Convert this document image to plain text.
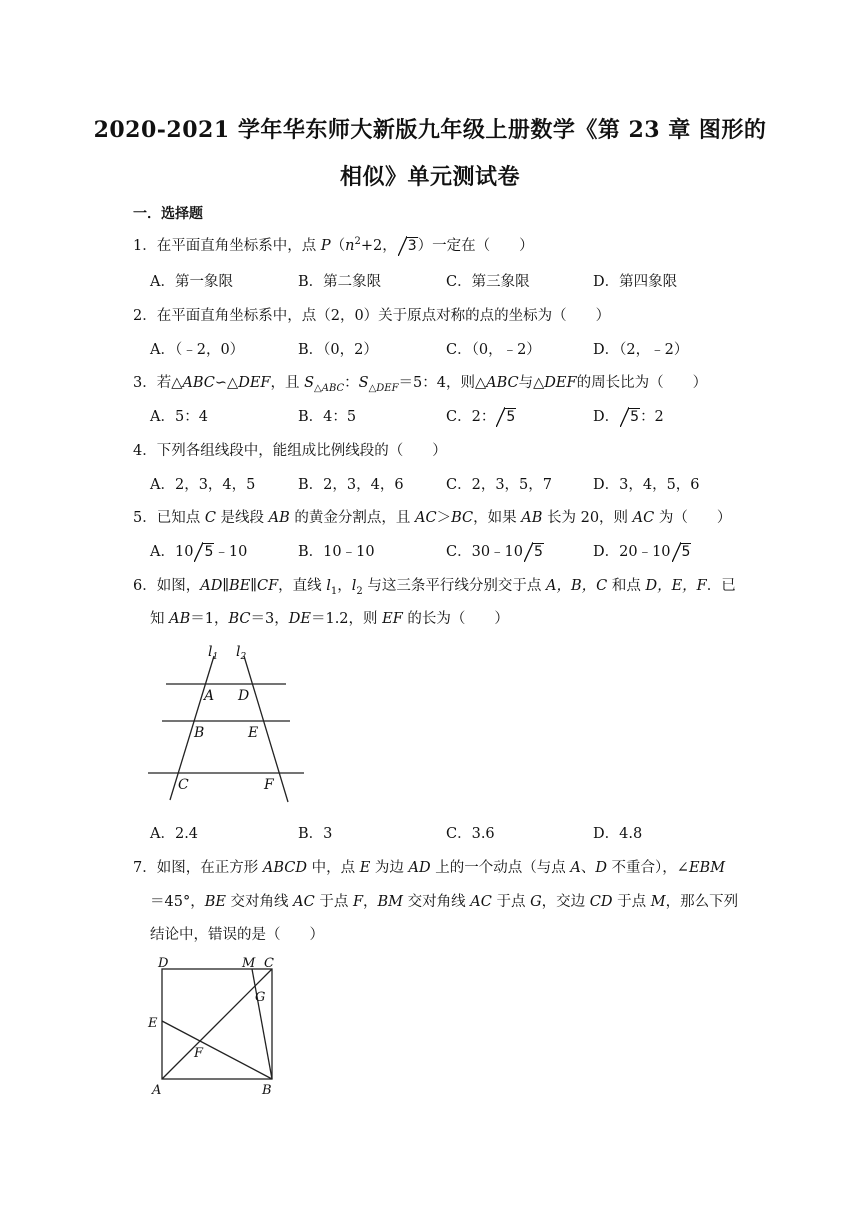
2020-2021 学年华东师大新版九年级上册数学《第 23 章 图形的
相似》单元测试卷
一．选择题
1．在平面直角坐标系中，点 $P(n^2+2$， 3）一定在（　　）
A．第一象限	B．第二象限	C．第三象限	D．第四象限
2．在平面直角坐标系中，点（2，0）关于原点对称的点的坐标为（　　）
A．（﹣2，0）	B．（0，2）	C．（0，﹣2）	D．（2，﹣2）
3．若△ABC∽△DEF，且 $S_{\triangle ABC}$：$S_{\triangle DEF}=5$：4，则△ABC与△DEF的周长比为（　　）
A．5：4	B．4：5	C．2： 5	D． 5：2
4．下列各组线段中，能组成比例线段的（　　）
A．2，3，4，5	B．2，3，4，6	C．2，3，5，7	D．3，4，5，6
5．已知点 C 是线段 AB 的黄金分割点，且 AC＞BC，如果 AB 长为 20，则 AC 为（　　）
A．10 5﹣10	B．10﹣10	C．30﹣10 5	D．20﹣10 5
6．如图，AD∥BE∥CF，直线 $l_1$，$l_2$ 与这三条平行线分别交于点 A，B，C 和点 D，E，F．已
知 AB＝1，BC＝3，DE＝1.2，则 EF 的长为（　　）
$l_1$ $l_2$
A D
B	E
C	F
A．2.4	B．3	C．3.6	D．4.8
7．如图，在正方形 ABCD 中，点 E 为边 AD 上的一个动点（与点 A、D 不重合），∠EBM
＝45°，BE 交对角线 AC 于点 F，BM 交对角线 AC 于点 G，交边 CD 于点 M，那么下列
结论中，错误的是（　　）
D	M C
G
E
F
A	B
